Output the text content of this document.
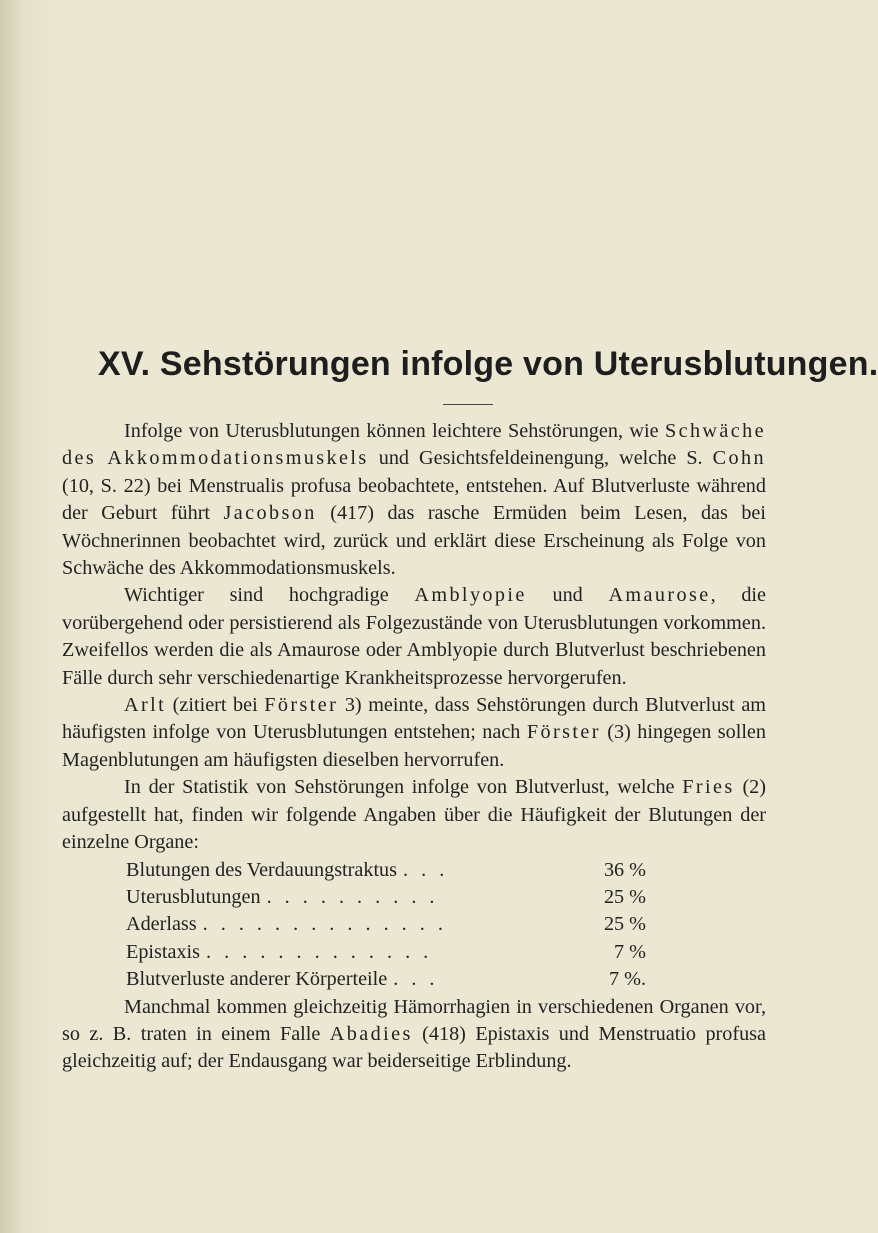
XV. Sehstörungen infolge von Uterusblutungen.

Infolge von Uterusblutungen können leichtere Sehstörungen, wie Schwäche des Akkommodationsmuskels und Gesichtsfeldeinengung, welche S. Cohn (10, S. 22) bei Menstrualis profusa beobachtete, entstehen. Auf Blutverluste während der Geburt führt Jacobson (417) das rasche Ermüden beim Lesen, das bei Wöchnerinnen beobachtet wird, zurück und erklärt diese Erscheinung als Folge von Schwäche des Akkommodationsmuskels.

Wichtiger sind hochgradige Amblyopie und Amaurose, die vorübergehend oder persistierend als Folgezustände von Uterusblutungen vorkommen. Zweifellos werden die als Amaurose oder Amblyopie durch Blutverlust beschriebenen Fälle durch sehr verschiedenartige Krankheitsprozesse hervorgerufen.

Arlt (zitiert bei Förster 3) meinte, dass Sehstörungen durch Blutverlust am häufigsten infolge von Uterusblutungen entstehen; nach Förster (3) hingegen sollen Magenblutungen am häufigsten dieselben hervorrufen.

In der Statistik von Sehstörungen infolge von Blutverlust, welche Fries (2) aufgestellt hat, finden wir folgende Angaben über die Häufigkeit der Blutungen der einzelne Organe:

Blutungen des Verdauungstraktus . . .	36 %
Uterusblutungen . . . . . . . . . .	25 %
Aderlass . . . . . . . . . . . . . .	25 %
Epistaxis . . . . . . . . . . . . .	7 %
Blutverluste anderer Körperteile . . .	7 %.

Manchmal kommen gleichzeitig Hämorrhagien in verschiedenen Organen vor, so z. B. traten in einem Falle Abadies (418) Epistaxis und Menstruatio profusa gleichzeitig auf; der Endausgang war beiderseitige Erblindung.
